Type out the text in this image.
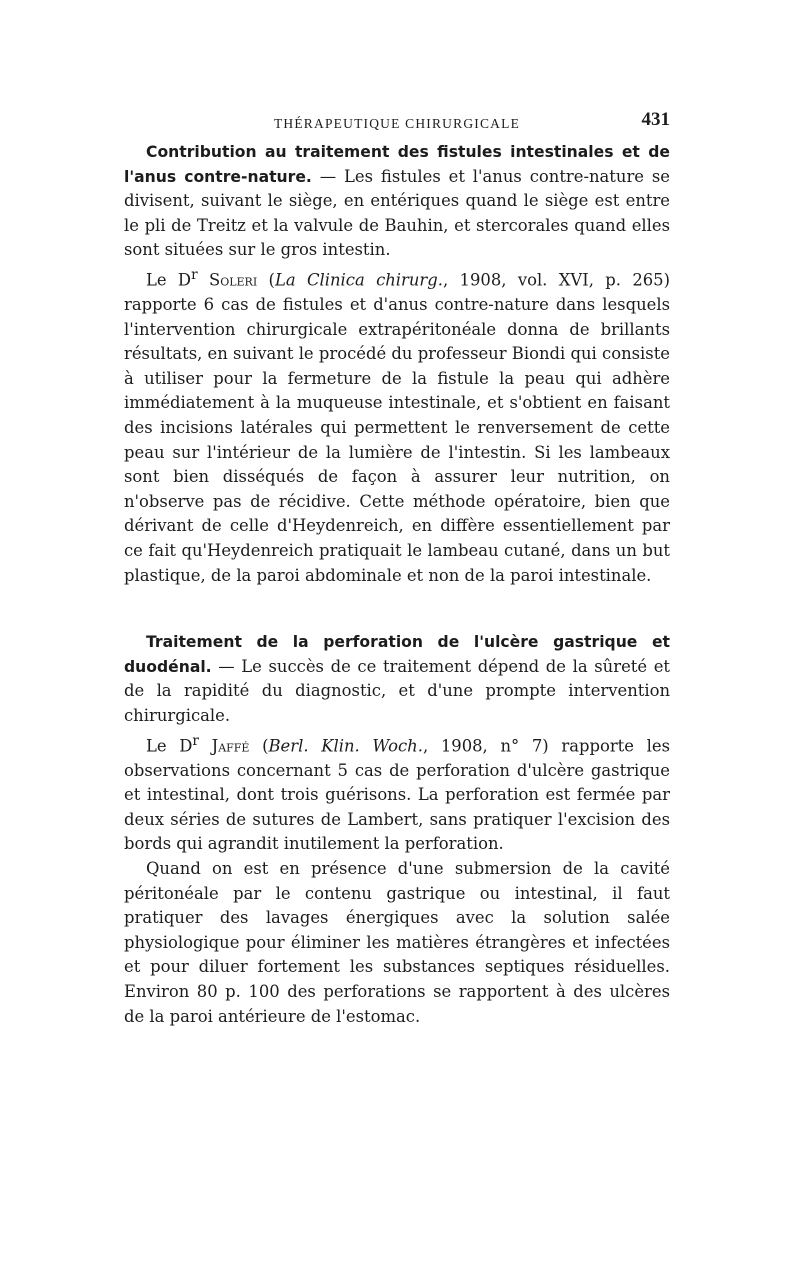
THÉRAPEUTIQUE CHIRURGICALE	431

Contribution au traitement des fistules intestinales et de l'anus contre-nature. — Les fistules et l'anus contre-nature se divisent, suivant le siège, en entériques quand le siège est entre le pli de Treitz et la valvule de Bauhin, et stercorales quand elles sont situées sur le gros intestin.

Le $D^r$ Soleri (La Clinica chirurg., 1908, vol. XVI, p. 265) rapporte 6 cas de fistules et d'anus contre-nature dans lesquels l'intervention chirurgicale extrapéritonéale donna de brillants résultats, en suivant le procédé du professeur Biondi qui consiste à utiliser pour la fermeture de la fistule la peau qui adhère immédiatement à la muqueuse intestinale, et s'obtient en faisant des incisions latérales qui permettent le renversement de cette peau sur l'intérieur de la lumière de l'intestin. Si les lambeaux sont bien disséqués de façon à assurer leur nutrition, on n'observe pas de récidive. Cette méthode opératoire, bien que dérivant de celle d'Heydenreich, en diffère essentiellement par ce fait qu'Heydenreich pratiquait le lambeau cutané, dans un but plastique, de la paroi abdominale et non de la paroi intestinale.

Traitement de la perforation de l'ulcère gastrique et duodénal. — Le succès de ce traitement dépend de la sûreté et de la rapidité du diagnostic, et d'une prompte intervention chirurgicale.

Le $D^r$ Jaffé (Berl. Klin. Woch., 1908, n° 7) rapporte les observations concernant 5 cas de perforation d'ulcère gastrique et intestinal, dont trois guérisons. La perforation est fermée par deux séries de sutures de Lambert, sans pratiquer l'excision des bords qui agrandit inutilement la perforation.

Quand on est en présence d'une submersion de la cavité péritonéale par le contenu gastrique ou intestinal, il faut pratiquer des lavages énergiques avec la solution salée physiologique pour éliminer les matières étrangères et infectées et pour diluer fortement les substances septiques résiduelles. Environ 80 p. 100 des perforations se rapportent à des ulcères de la paroi antérieure de l'estomac.
